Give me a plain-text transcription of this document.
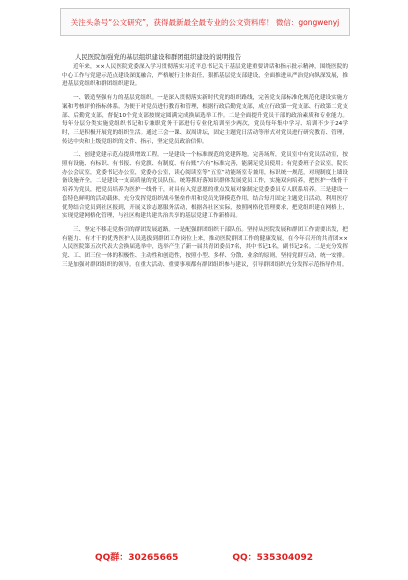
关注头条号“公文研究”，获得最新最全最专业的公文资料库！ 微信：gongwenyj

人民医院加强党的基层组织建设和群团组织建设的说明报告

近年来，××人民医院党委深入学习贯彻落实习近平总书记关于基层党建重要讲话和指示批示精神，围绕医院的中心工作与党建示范点建设深度融合，严格履行主体责任，狠抓基层党支部建设，全面推进从严治党向纵深发展，推进基层党组织和群团组织建设。

一、锻造坚强有力的基层党组织。一是深入贯彻落实新时代党的组织路线，完善党支部标准化规范化建设实施方案和考核评价指标体系。为便于对党员进行教育和管理，根据行政后勤党支部，成立行政第一党支部、行政第二党支部、后勤党支部，督促10个党支部按规定圆满完成换届选举工作。二是全面提升党员干部的政治素质和专业能力。每年分层分类实施党组织书记和专兼职党务干部进行专业化培训至少两次，党员每年集中学习、培训不少于24学时，三是积极开展党的组织生活。通过三会一课、双周讲坛，固定主题党日活动等形式对党员进行研究教育、管理，传达中央和上级党组织的文件、指示，坚定党员政治信仰。

二、创建党建示范点提质增效工程。一是建设一个标准规范的党建阵地。完善场所，党员室中有党员活动室，按照有设施、有标识、有书报、有党旗、有制度、有台账“六有”标准完善，能满足党员使用；有党委班子会议室，院长办公会议室，党委书记办公室，党委办公室，读心阅读室等“五室”功能场室专兼用，标识统一规范，对现制度上墙设备设施齐全，二是建设一支高质量的党员队伍。统筹抓好落知识群体发展党员工作，实施双向培养，把医护一线骨干培养为党员，把党员培养为医护一线骨干，对具有入党意愿的重点发展对象制定党委委员专人联系培养。三是建设一套特色鲜明的活动载体。充分发挥党组织战斗堡垒作用和党员先锋模范作用，结合每月固定主题党日活动，利用医疗优势结合党员到社区报到，开展义诊志愿服务活动，根据各社区实际，按照网格化管理要求，把党组织建在网格上，实现党建网格化管理，与社区构建共建共治共享的基层党建工作新格局。

三、坚定不移走党指引的群团发展道路。一是配强群团组织干部队伍。坚持从医院发展和群团工作需要出发，把有能力、有才干的优秀医护人员选拔到群团工作岗位上来，推动医院群团工作的健康发展，在今年召开的共青团××人民医院第五次代表大会换届选举中，选举产生了新一届共青团委员7名，其中书记1名，副书记2名。二是充分发挥党、工、团三位一体的积极性、主动性和创造性，按照小型、多样、分散、业余的原则，坚持党群互动，统一安排。三是加强对群团组织的领导。在重大活动、重要事项都有群团组织参与建议，引导群团组织充分发挥示范指导作用。

QQ群：30265665	QQ：535304092
